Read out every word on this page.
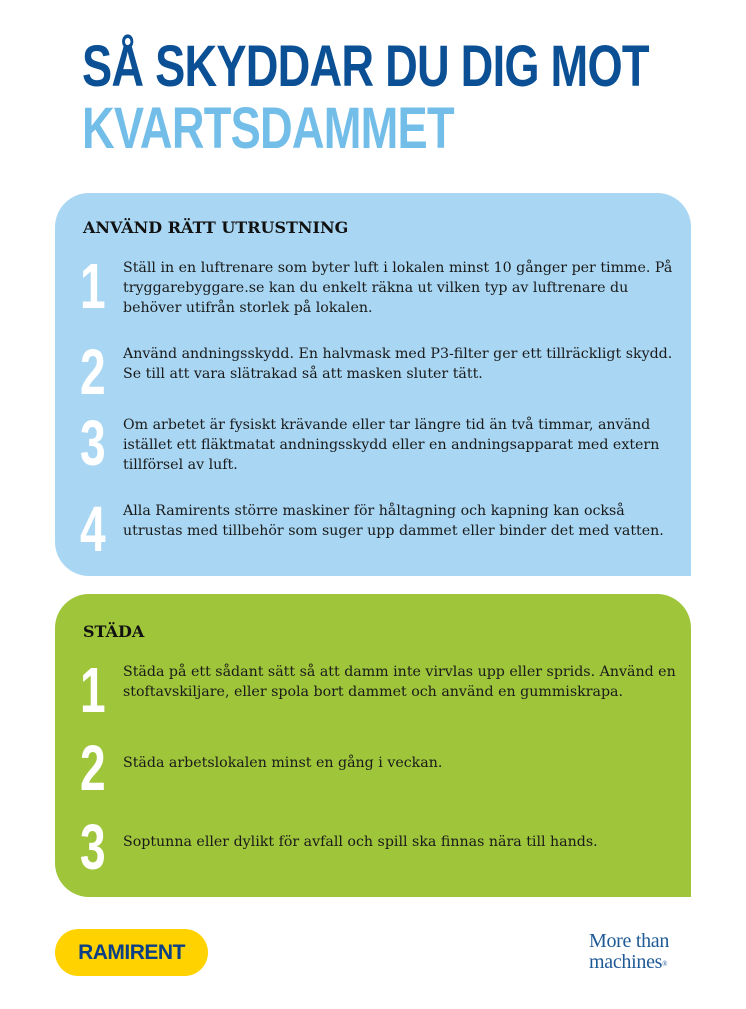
SÅ SKYDDAR DU DIG MOT
KVARTSDAMMET
ANVÄND RÄTT UTRUSTNING
1 Ställ in en luftrenare som byter luft i lokalen minst 10 gånger per timme. På tryggarebyggare.se kan du enkelt räkna ut vilken typ av luftrenare du behöver utifrån storlek på lokalen.

2 Använd andningsskydd. En halvmask med P3-filter ger ett tillräckligt skydd. Se till att vara slätrakad så att masken sluter tätt.

3 Om arbetet är fysiskt krävande eller tar längre tid än två timmar, använd istället ett fläktmatat andningsskydd eller en andningsapparat med extern tillförsel av luft.

4 Alla Ramirents större maskiner för håltagning och kapning kan också utrustas med tillbehör som suger upp dammet eller binder det med vatten.

STÄDA
1 Städa på ett sådant sätt så att damm inte virvlas upp eller sprids. Använd en stoftavskiljare, eller spola bort dammet och använd en gummiskrapa.

2 Städa arbetslokalen minst en gång i veckan.

3 Soptunna eller dylikt för avfall och spill ska finnas nära till hands.

RAMIRENT	More than
machines®
